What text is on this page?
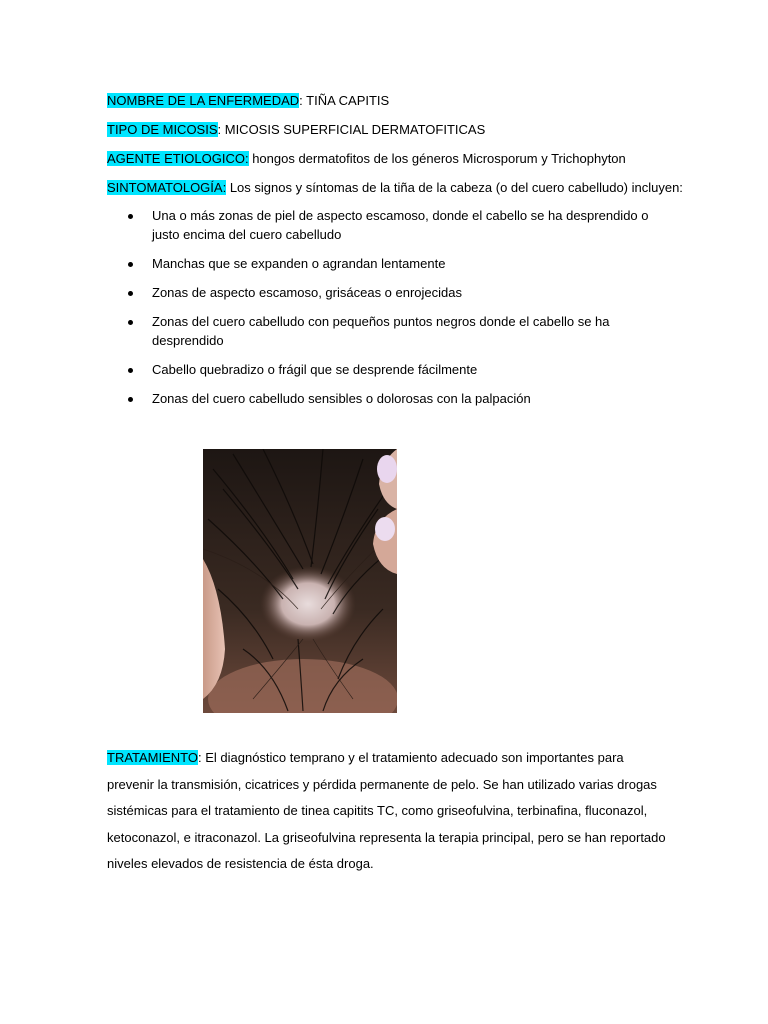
NOMBRE DE LA ENFERMEDAD: TIÑA CAPITIS
TIPO DE MICOSIS: MICOSIS SUPERFICIAL DERMATOFITICAS
AGENTE ETIOLOGICO: hongos dermatofitos de los géneros Microsporum y Trichophyton
SINTOMATOLOGÍA: Los signos y síntomas de la tiña de la cabeza (o del cuero cabelludo) incluyen:
Una o más zonas de piel de aspecto escamoso, donde el cabello se ha desprendido o justo encima del cuero cabelludo
Manchas que se expanden o agrandan lentamente
Zonas de aspecto escamoso, grisáceas o enrojecidas
Zonas del cuero cabelludo con pequeños puntos negros donde el cabello se ha desprendido
Cabello quebradizo o frágil que se desprende fácilmente
Zonas del cuero cabelludo sensibles o dolorosas con la palpación

TRATAMIENTO: El diagnóstico temprano y el tratamiento adecuado son importantes para prevenir la transmisión, cicatrices y pérdida permanente de pelo. Se han utilizado varias drogas sistémicas para el tratamiento de tinea capitits TC, como griseofulvina, terbinafina, fluconazol, ketoconazol, e itraconazol. La griseofulvina representa la terapia principal, pero se han reportado niveles elevados de resistencia de ésta droga.
